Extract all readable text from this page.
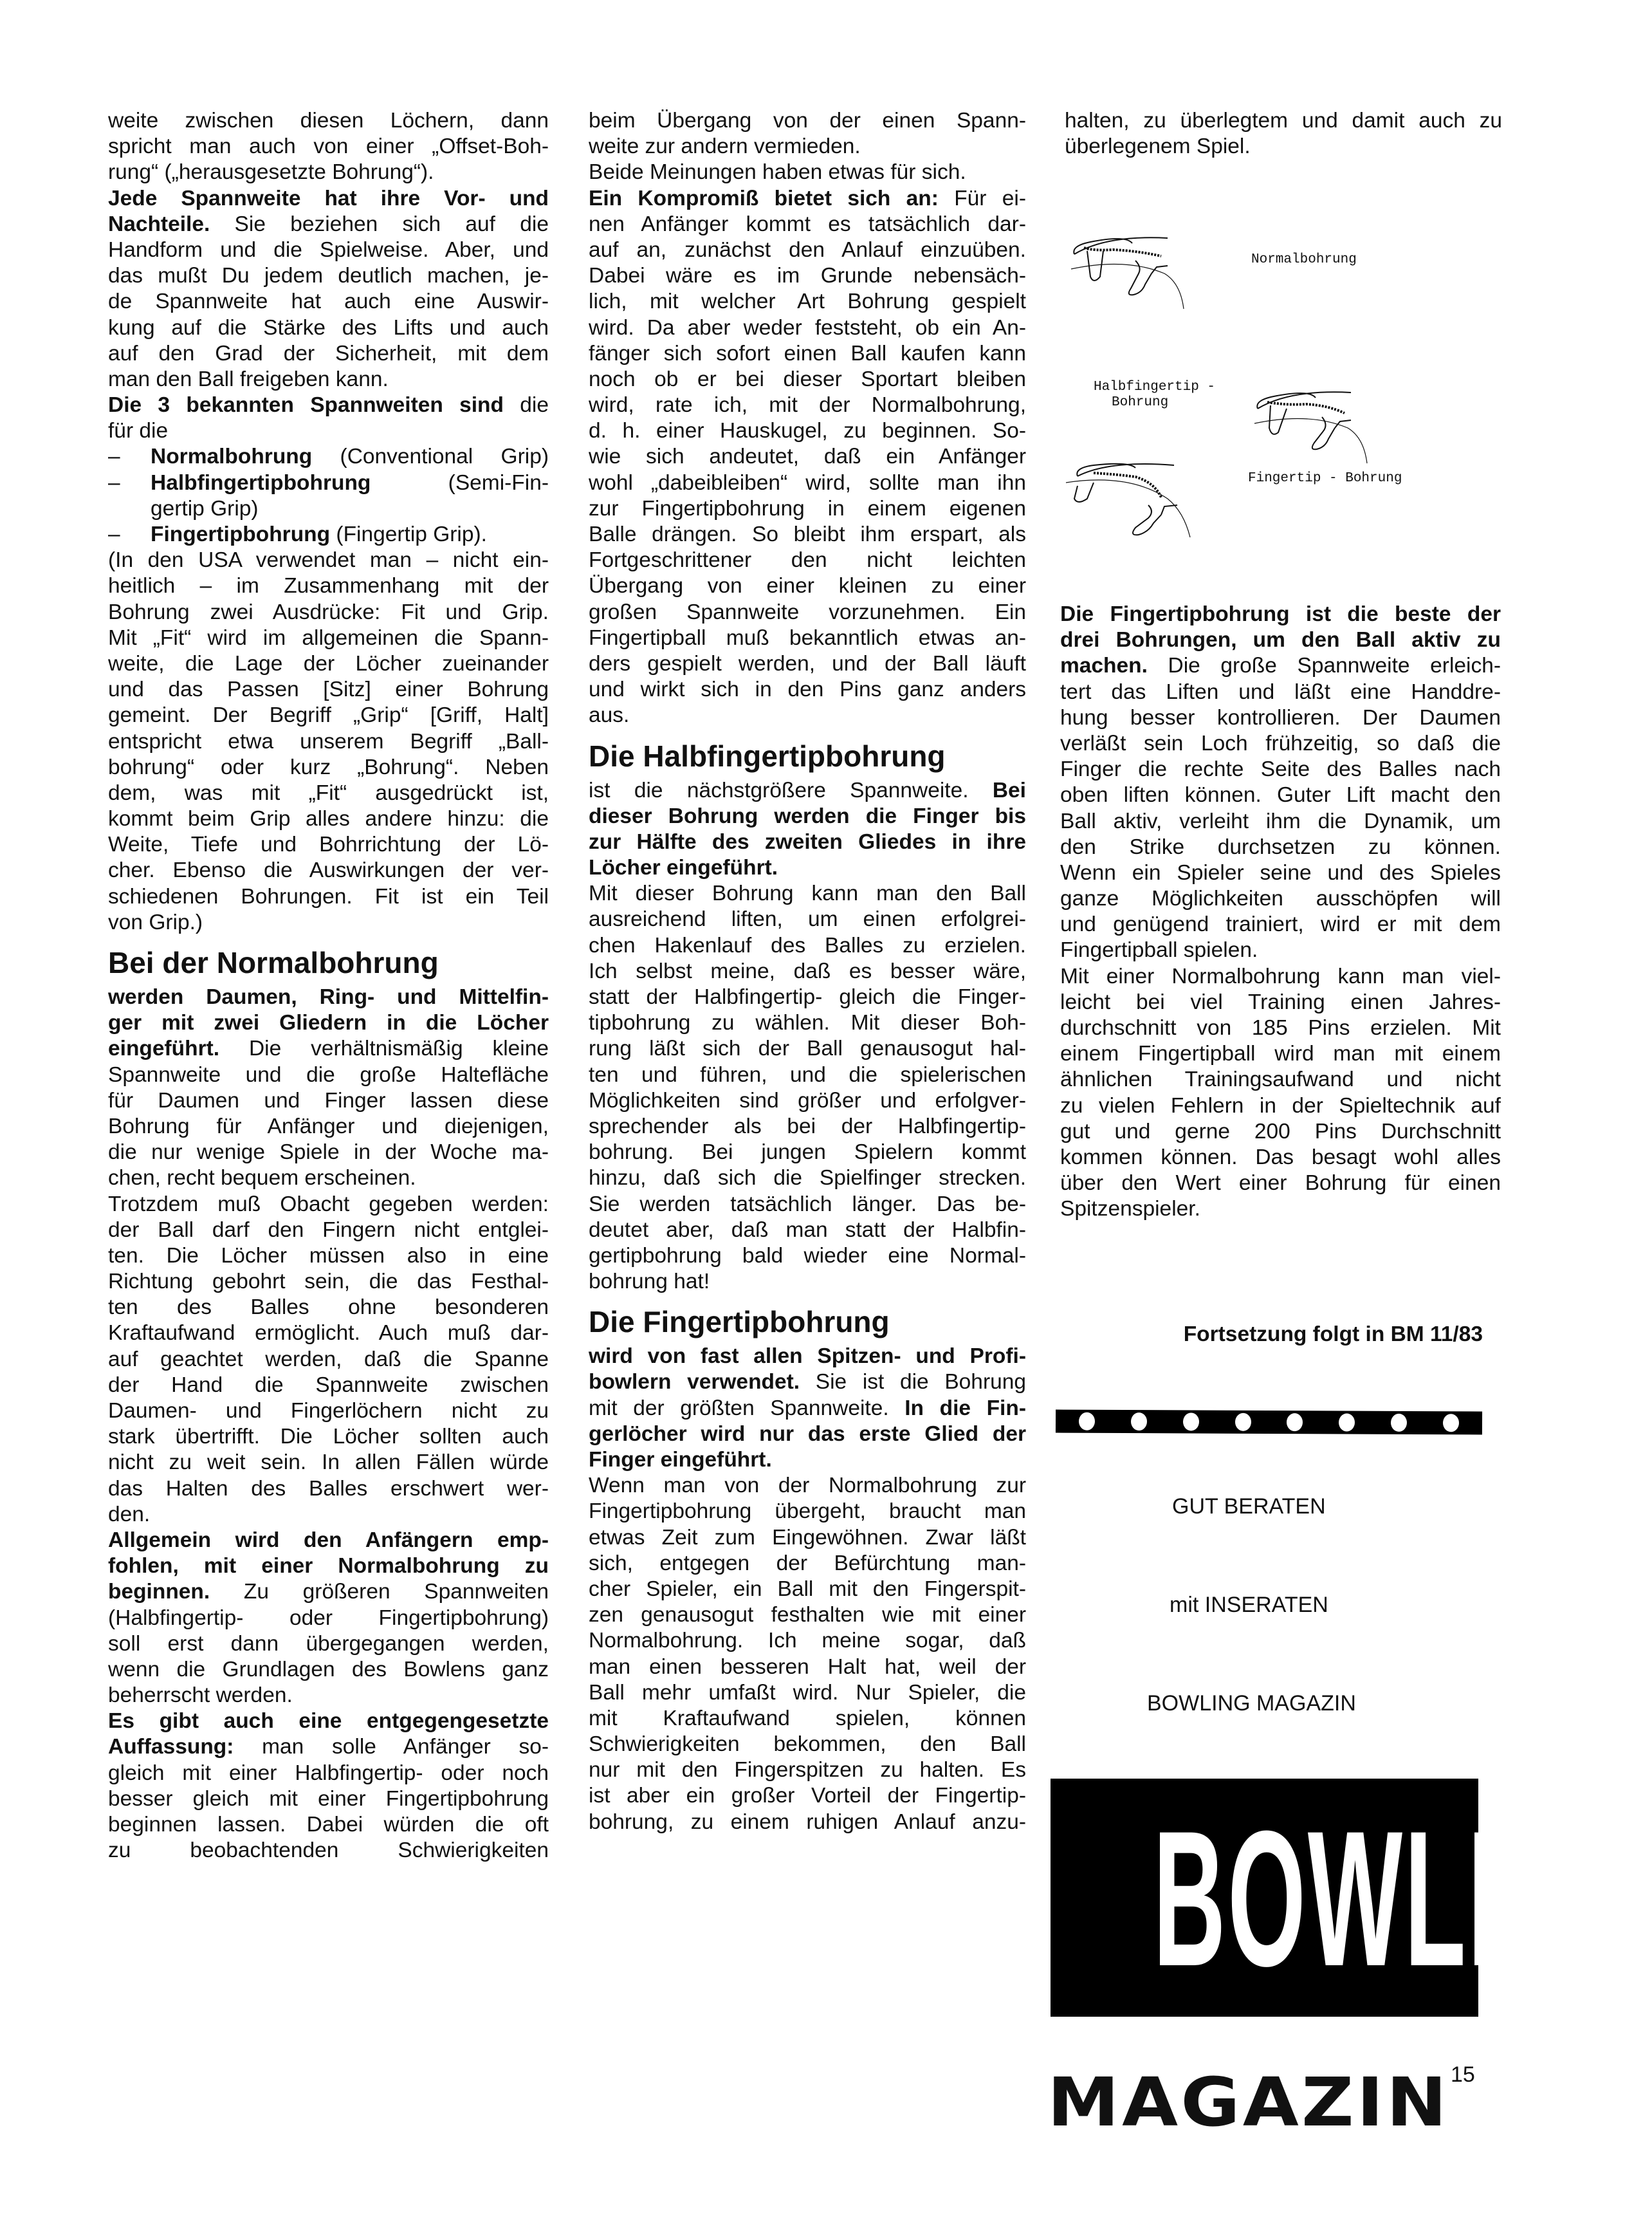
weite zwischen diesen Löchern, dann
spricht man auch von einer „Offset-Boh-
rung“ („herausgesetzte Bohrung“).
Jede Spannweite hat ihre Vor- und
Nachteile. Sie beziehen sich auf die
Handform und die Spielweise. Aber, und
das mußt Du jedem deutlich machen, je-
de Spannweite hat auch eine Auswir-
kung auf die Stärke des Lifts und auch
auf den Grad der Sicherheit, mit dem
man den Ball freigeben kann.
Die 3 bekannten Spannweiten sind die
für die
– Normalbohrung (Conventional Grip)
– Halbfingertipbohrung (Semi-Fin-
gertip Grip)
– Fingertipbohrung (Fingertip Grip).
(In den USA verwendet man – nicht ein-
heitlich – im Zusammenhang mit der
Bohrung zwei Ausdrücke: Fit und Grip.
Mit „Fit“ wird im allgemeinen die Spann-
weite, die Lage der Löcher zueinander
und das Passen [Sitz] einer Bohrung
gemeint. Der Begriff „Grip“ [Griff, Halt]
entspricht etwa unserem Begriff „Ball-
bohrung“ oder kurz „Bohrung“. Neben
dem, was mit „Fit“ ausgedrückt ist,
kommt beim Grip alles andere hinzu: die
Weite, Tiefe und Bohrrichtung der Lö-
cher. Ebenso die Auswirkungen der ver-
schiedenen Bohrungen. Fit ist ein Teil
von Grip.)
Bei der Normalbohrung
werden Daumen, Ring- und Mittelfin-
ger mit zwei Gliedern in die Löcher
eingeführt. Die verhältnismäßig kleine
Spannweite und die große Haltefläche
für Daumen und Finger lassen diese
Bohrung für Anfänger und diejenigen,
die nur wenige Spiele in der Woche ma-
chen, recht bequem erscheinen.
Trotzdem muß Obacht gegeben werden:
der Ball darf den Fingern nicht entglei-
ten. Die Löcher müssen also in eine
Richtung gebohrt sein, die das Festhal-
ten des Balles ohne besonderen
Kraftaufwand ermöglicht. Auch muß dar-
auf geachtet werden, daß die Spanne
der Hand die Spannweite zwischen
Daumen- und Fingerlöchern nicht zu
stark übertrifft. Die Löcher sollten auch
nicht zu weit sein. In allen Fällen würde
das Halten des Balles erschwert wer-
den.
Allgemein wird den Anfängern emp-
fohlen, mit einer Normalbohrung zu
beginnen. Zu größeren Spannweiten
(Halbfingertip- oder Fingertipbohrung)
soll erst dann übergegangen werden,
wenn die Grundlagen des Bowlens ganz
beherrscht werden.
Es gibt auch eine entgegengesetzte
Auffassung: man solle Anfänger so-
gleich mit einer Halbfingertip- oder noch
besser gleich mit einer Fingertipbohrung
beginnen lassen. Dabei würden die oft
zu beobachtenden Schwierigkeiten
beim Übergang von der einen Spann-
weite zur andern vermieden.
Beide Meinungen haben etwas für sich.
Ein Kompromiß bietet sich an: Für ei-
nen Anfänger kommt es tatsächlich dar-
auf an, zunächst den Anlauf einzuüben.
Dabei wäre es im Grunde nebensäch-
lich, mit welcher Art Bohrung gespielt
wird. Da aber weder feststeht, ob ein An-
fänger sich sofort einen Ball kaufen kann
noch ob er bei dieser Sportart bleiben
wird, rate ich, mit der Normalbohrung,
d. h. einer Hauskugel, zu beginnen. So-
wie sich andeutet, daß ein Anfänger
wohl „dabeibleiben“ wird, sollte man ihn
zur Fingertipbohrung in einem eigenen
Balle drängen. So bleibt ihm erspart, als
Fortgeschrittener den nicht leichten
Übergang von einer kleinen zu einer
großen Spannweite vorzunehmen. Ein
Fingertipball muß bekanntlich etwas an-
ders gespielt werden, und der Ball läuft
und wirkt sich in den Pins ganz anders
aus.
Die Halbfingertipbohrung
ist die nächstgrößere Spannweite. Bei
dieser Bohrung werden die Finger bis
zur Hälfte des zweiten Gliedes in ihre
Löcher eingeführt.
Mit dieser Bohrung kann man den Ball
ausreichend liften, um einen erfolgrei-
chen Hakenlauf des Balles zu erzielen.
Ich selbst meine, daß es besser wäre,
statt der Halbfingertip- gleich die Finger-
tipbohrung zu wählen. Mit dieser Boh-
rung läßt sich der Ball genausogut hal-
ten und führen, und die spielerischen
Möglichkeiten sind größer und erfolgver-
sprechender als bei der Halbfingertip-
bohrung. Bei jungen Spielern kommt
hinzu, daß sich die Spielfinger strecken.
Sie werden tatsächlich länger. Das be-
deutet aber, daß man statt der Halbfin-
gertipbohrung bald wieder eine Normal-
bohrung hat!
Die Fingertipbohrung
wird von fast allen Spitzen- und Profi-
bowlern verwendet. Sie ist die Bohrung
mit der größten Spannweite. In die Fin-
gerlöcher wird nur das erste Glied der
Finger eingeführt.
Wenn man von der Normalbohrung zur
Fingertipbohrung übergeht, braucht man
etwas Zeit zum Eingewöhnen. Zwar läßt
sich, entgegen der Befürchtung man-
cher Spieler, ein Ball mit den Fingerspit-
zen genausogut festhalten wie mit einer
Normalbohrung. Ich meine sogar, daß
man einen besseren Halt hat, weil der
Ball mehr umfaßt wird. Nur Spieler, die
mit Kraftaufwand spielen, können
Schwierigkeiten bekommen, den Ball
nur mit den Fingerspitzen zu halten. Es
ist aber ein großer Vorteil der Fingertip-
bohrung, zu einem ruhigen Anlauf anzu-
halten, zu überlegtem und damit auch zu
überlegenem Spiel.
Normalbohrung
Halbfingertip -
Bohrung
Fingertip - Bohrung
Die Fingertipbohrung ist die beste der
drei Bohrungen, um den Ball aktiv zu
machen. Die große Spannweite erleich-
tert das Liften und läßt eine Handdre-
hung besser kontrollieren. Der Daumen
verläßt sein Loch frühzeitig, so daß die
Finger die rechte Seite des Balles nach
oben liften können. Guter Lift macht den
Ball aktiv, verleiht ihm die Dynamik, um
den Strike durchsetzen zu können.
Wenn ein Spieler seine und des Spieles
ganze Möglichkeiten ausschöpfen will
und genügend trainiert, wird er mit dem
Fingertipball spielen.
Mit einer Normalbohrung kann man viel-
leicht bei viel Training einen Jahres-
durchschnitt von 185 Pins erzielen. Mit
einem Fingertipball wird man mit einem
ähnlichen Trainingsaufwand und nicht
zu vielen Fehlern in der Spieltechnik auf
gut und gerne 200 Pins Durchschnitt
kommen können. Das besagt wohl alles
über den Wert einer Bohrung für einen
Spitzenspieler.
Fortsetzung folgt in BM 11/83
GUT BERATEN
mit INSERATEN
BOWLING MAGAZIN
BOWLING
MAGAZIN 15
